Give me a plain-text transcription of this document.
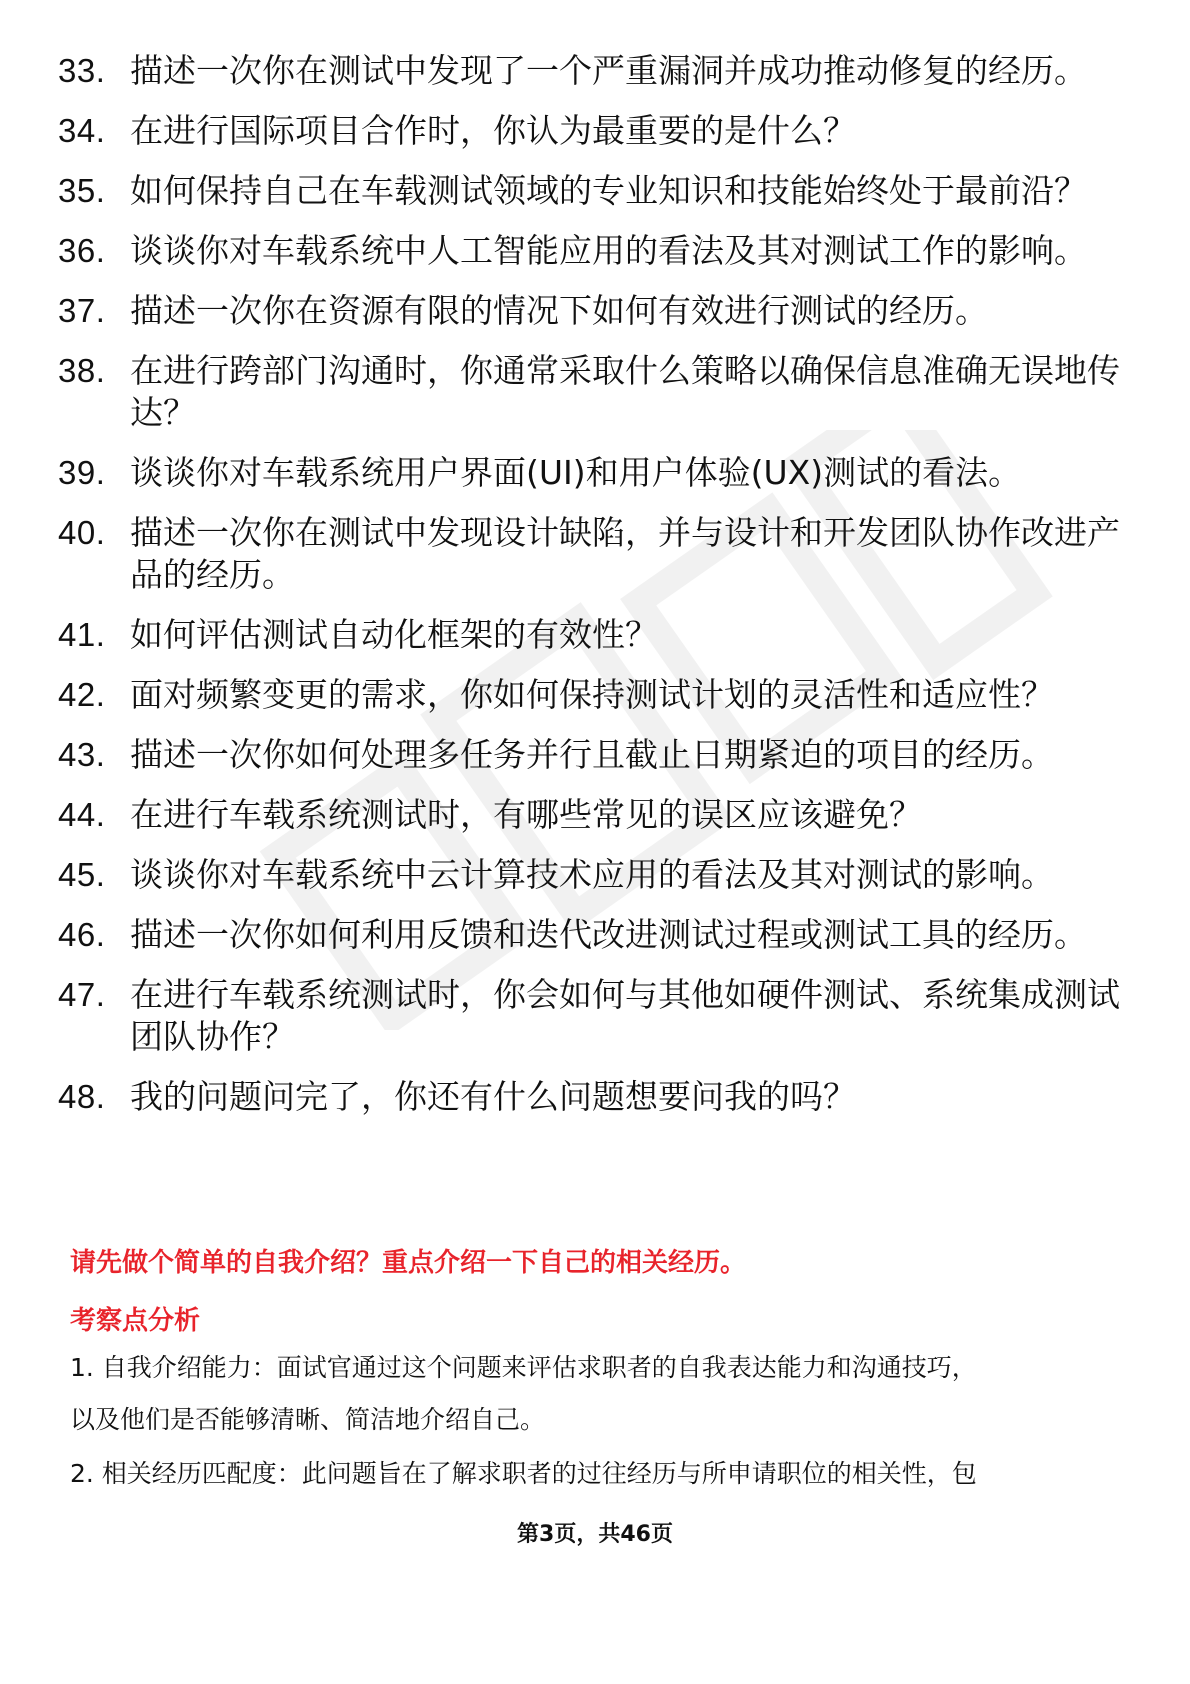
33. 描述一次你在测试中发现了一个严重漏洞并成功推动修复的经历。
34. 在进行国际项目合作时，你认为最重要的是什么？
35. 如何保持自己在车载测试领域的专业知识和技能始终处于最前沿？
36. 谈谈你对车载系统中人工智能应用的看法及其对测试工作的影响。
37. 描述一次你在资源有限的情况下如何有效进行测试的经历。
38. 在进行跨部门沟通时，你通常采取什么策略以确保信息准确无误地传达？
39. 谈谈你对车载系统用户界面(UI)和用户体验(UX)测试的看法。
40. 描述一次你在测试中发现设计缺陷，并与设计和开发团队协作改进产品的经历。
41. 如何评估测试自动化框架的有效性？
42. 面对频繁变更的需求，你如何保持测试计划的灵活性和适应性？
43. 描述一次你如何处理多任务并行且截止日期紧迫的项目的经历。
44. 在进行车载系统测试时，有哪些常见的误区应该避免？
45. 谈谈你对车载系统中云计算技术应用的看法及其对测试的影响。
46. 描述一次你如何利用反馈和迭代改进测试过程或测试工具的经历。
47. 在进行车载系统测试时，你会如何与其他如硬件测试、系统集成测试团队协作？
48. 我的问题问完了，你还有什么问题想要问我的吗？
请先做个简单的自我介绍？重点介绍一下自己的相关经历。
考察点分析
1. 自我介绍能力：面试官通过这个问题来评估求职者的自我表达能力和沟通技巧，
以及他们是否能够清晰、简洁地介绍自己。
2. 相关经历匹配度：此问题旨在了解求职者的过往经历与所申请职位的相关性，包
第3页，共46页
